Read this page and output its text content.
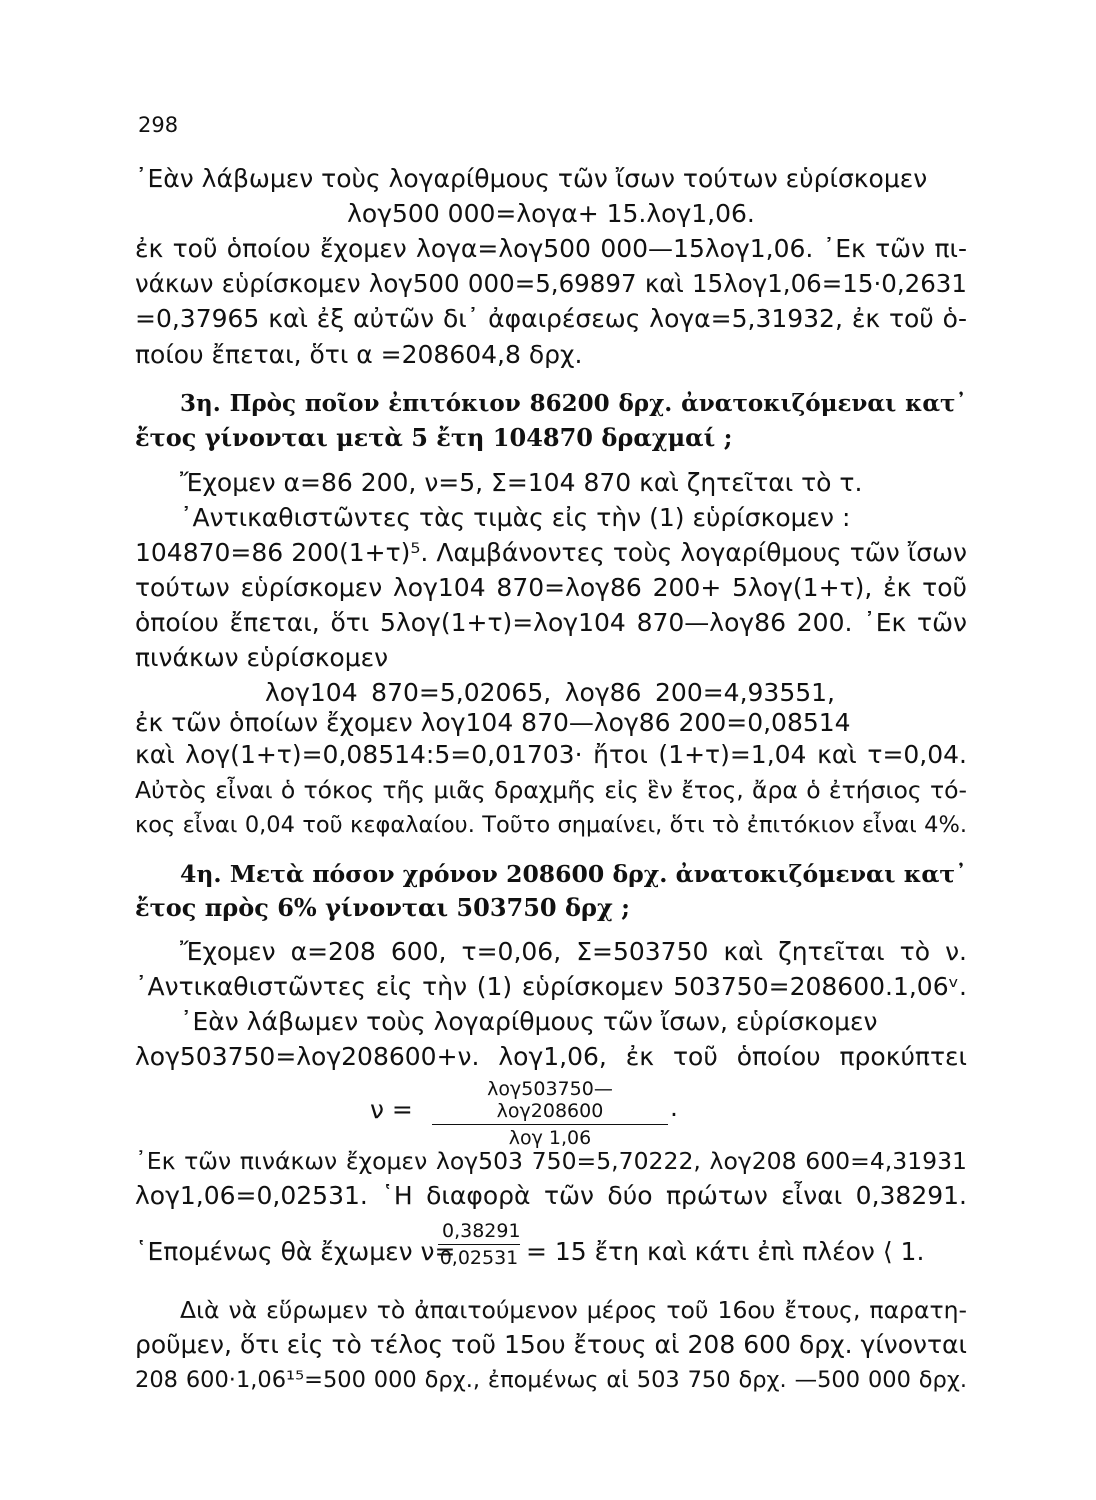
298
᾿Εὰν λάβωμεν τοὺς λογαρίθμους τῶν ἴσων τούτων εὑρίσκομεν
λογ500 000=λογα+ 15.λογ1,06.
ἐκ τοῦ ὁποίου ἔχομεν λογα=λογ500 000—15λογ1,06. ᾿Εκ τῶν πι-
νάκων εὑρίσκομεν λογ500 000=5,69897 καὶ 15λογ1,06=15·0,2631
=0,37965 καὶ ἐξ αὐτῶν δι᾿ ἀφαιρέσεως λογα=5,31932, ἐκ τοῦ ὁ-
ποίου ἔπεται, ὅτι α =208604,8 δρχ.
3η. Πρὸς ποῖον ἐπιτόκιον 86200 δρχ. ἀνατοκιζόμεναι κατ᾿
ἔτος γίνονται μετὰ 5 ἔτη 104870 δραχμαί ;
Ἔχομεν α=86 200, ν=5, Σ=104 870 καὶ ζητεῖται τὸ τ.
᾿Αντικαθιστῶντες τὰς τιμὰς εἰς τὴν (1) εὑρίσκομεν :
104870=86 200(1+τ)⁵. Λαμβάνοντες τοὺς λογαρίθμους τῶν ἴσων
τούτων εὑρίσκομεν λογ104 870=λογ86 200+ 5λογ(1+τ), ἐκ τοῦ
ὁποίου ἔπεται, ὅτι 5λογ(1+τ)=λογ104 870—λογ86 200. ᾿Εκ τῶν
πινάκων εὑρίσκομεν
λογ104 870=5,02065, λογ86 200=4,93551,
ἐκ τῶν ὁποίων ἔχομεν λογ104 870—λογ86 200=0,08514
καὶ λογ(1+τ)=0,08514:5=0,01703· ἤτοι (1+τ)=1,04 καὶ τ=0,04.
Αὐτὸς εἶναι ὁ τόκος τῆς μιᾶς δραχμῆς εἰς ἓν ἔτος, ἄρα ὁ ἐτήσιος τό-
κος εἶναι 0,04 τοῦ κεφαλαίου. Τοῦτο σημαίνει, ὅτι τὸ ἐπιτόκιον εἶναι 4%.
4η. Μετὰ πόσον χρόνον 208600 δρχ. ἀνατοκιζόμεναι κατ᾿
ἔτος πρὸς 6% γίνονται 503750 δρχ ;
Ἔχομεν α=208 600, τ=0,06, Σ=503750 καὶ ζητεῖται τὸ ν.
᾿Αντικαθιστῶντες εἰς τὴν (1) εὑρίσκομεν 503750=208600.1,06ᵛ.
᾿Εὰν λάβωμεν τοὺς λογαρίθμους τῶν ἴσων, εὑρίσκομεν
λογ503750=λογ208600+ν. λογ1,06, ἐκ τοῦ ὁποίου προκύπτει
ν =
λογ503750—λογ208600
λογ 1,06
.
᾿Εκ τῶν πινάκων ἔχομεν λογ503 750=5,70222, λογ208 600=4,31931
λογ1,06=0,02531. ῾Η διαφορὰ τῶν δύο πρώτων εἶναι 0,38291.
῾Επομένως θὰ ἔχωμεν ν=
$\frac{0,38291}{0,02531} = 15$ ἔτη καὶ κάτι ἐπὶ πλέον ⟨ 1.
Διὰ νὰ εὕρωμεν τὸ ἀπαιτούμενον μέρος τοῦ 16ου ἔτους, παρατη-
ροῦμεν, ὅτι εἰς τὸ τέλος τοῦ 15ου ἔτους αἱ 208 600 δρχ. γίνονται
208 600·1,06¹⁵=500 000 δρχ., ἐπομένως αἱ 503 750 δρχ. —500 000 δρχ.
